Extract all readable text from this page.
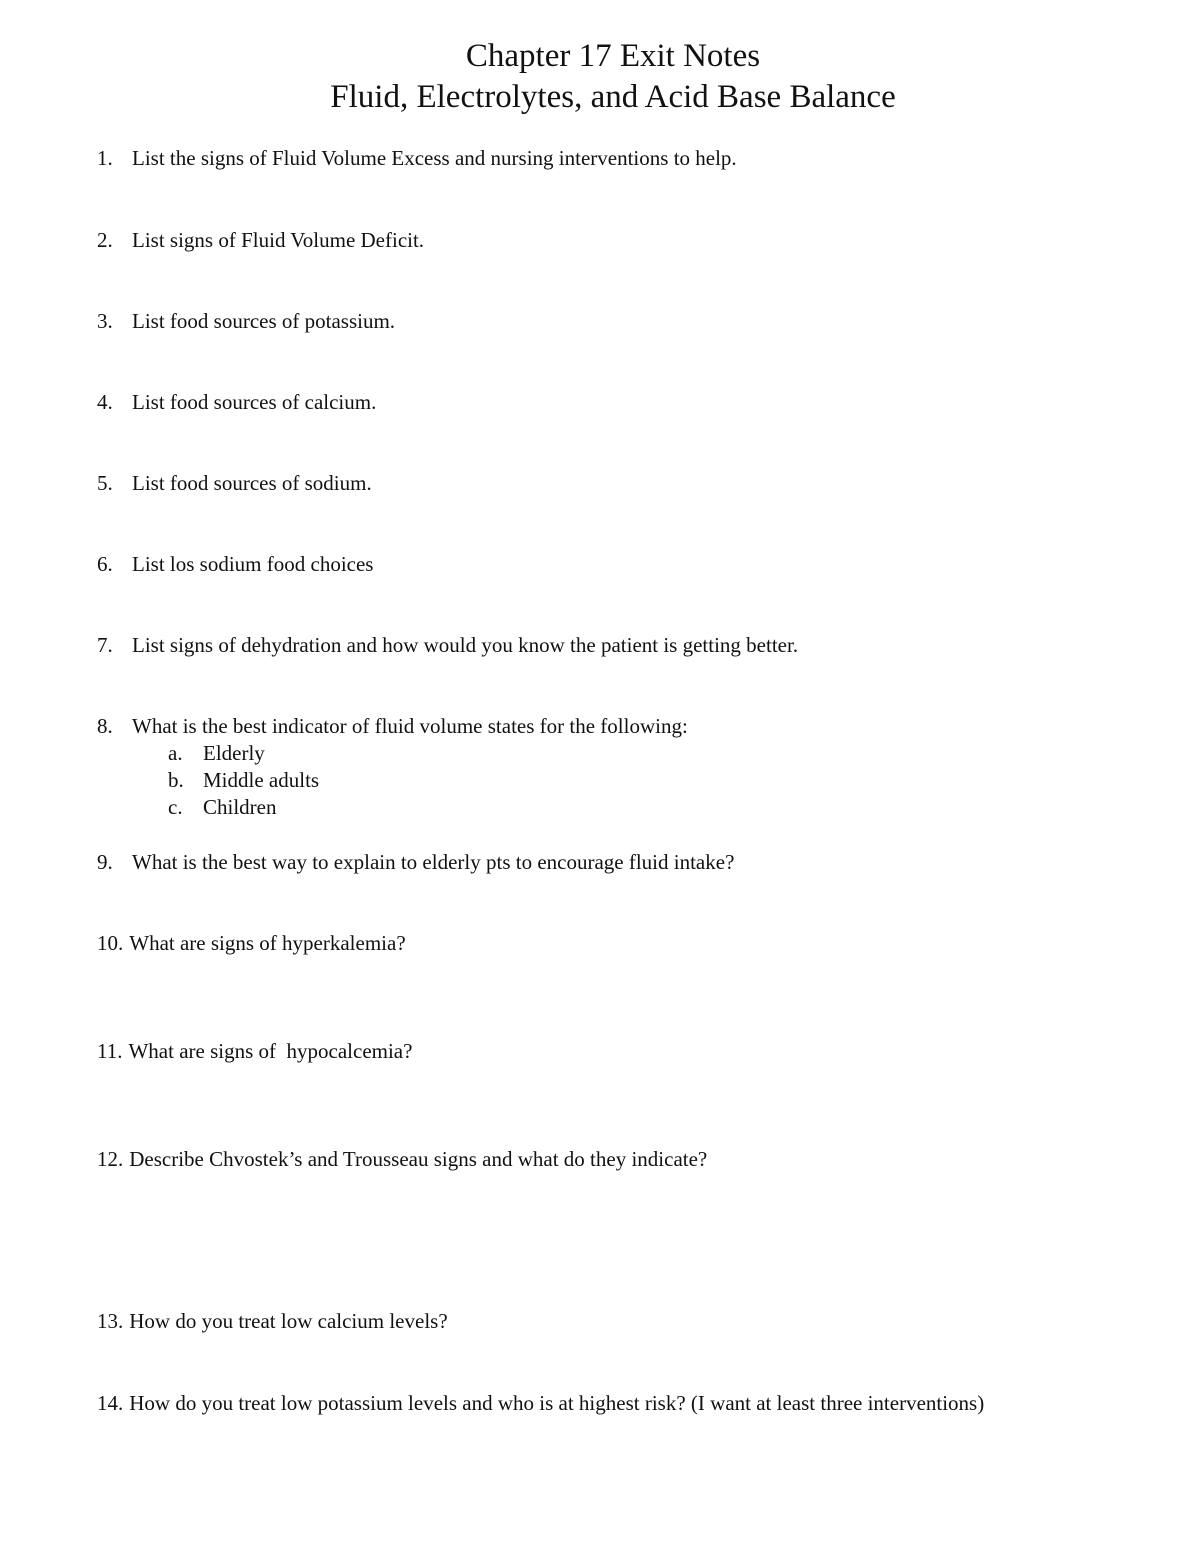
Chapter 17 Exit Notes
Fluid, Electrolytes, and Acid Base Balance
1. List the signs of Fluid Volume Excess and nursing interventions to help.
2. List signs of Fluid Volume Deficit.
3. List food sources of potassium.
4. List food sources of calcium.
5. List food sources of sodium.
6. List los sodium food choices
7. List signs of dehydration and how would you know the patient is getting better.
8. What is the best indicator of fluid volume states for the following:
a. Elderly
b. Middle adults
c. Children
9. What is the best way to explain to elderly pts to encourage fluid intake?
10. What are signs of hyperkalemia?
11. What are signs of  hypocalcemia?
12. Describe Chvostek’s and Trousseau signs and what do they indicate?
13. How do you treat low calcium levels?
14. How do you treat low potassium levels and who is at highest risk? (I want at least three interventions)
